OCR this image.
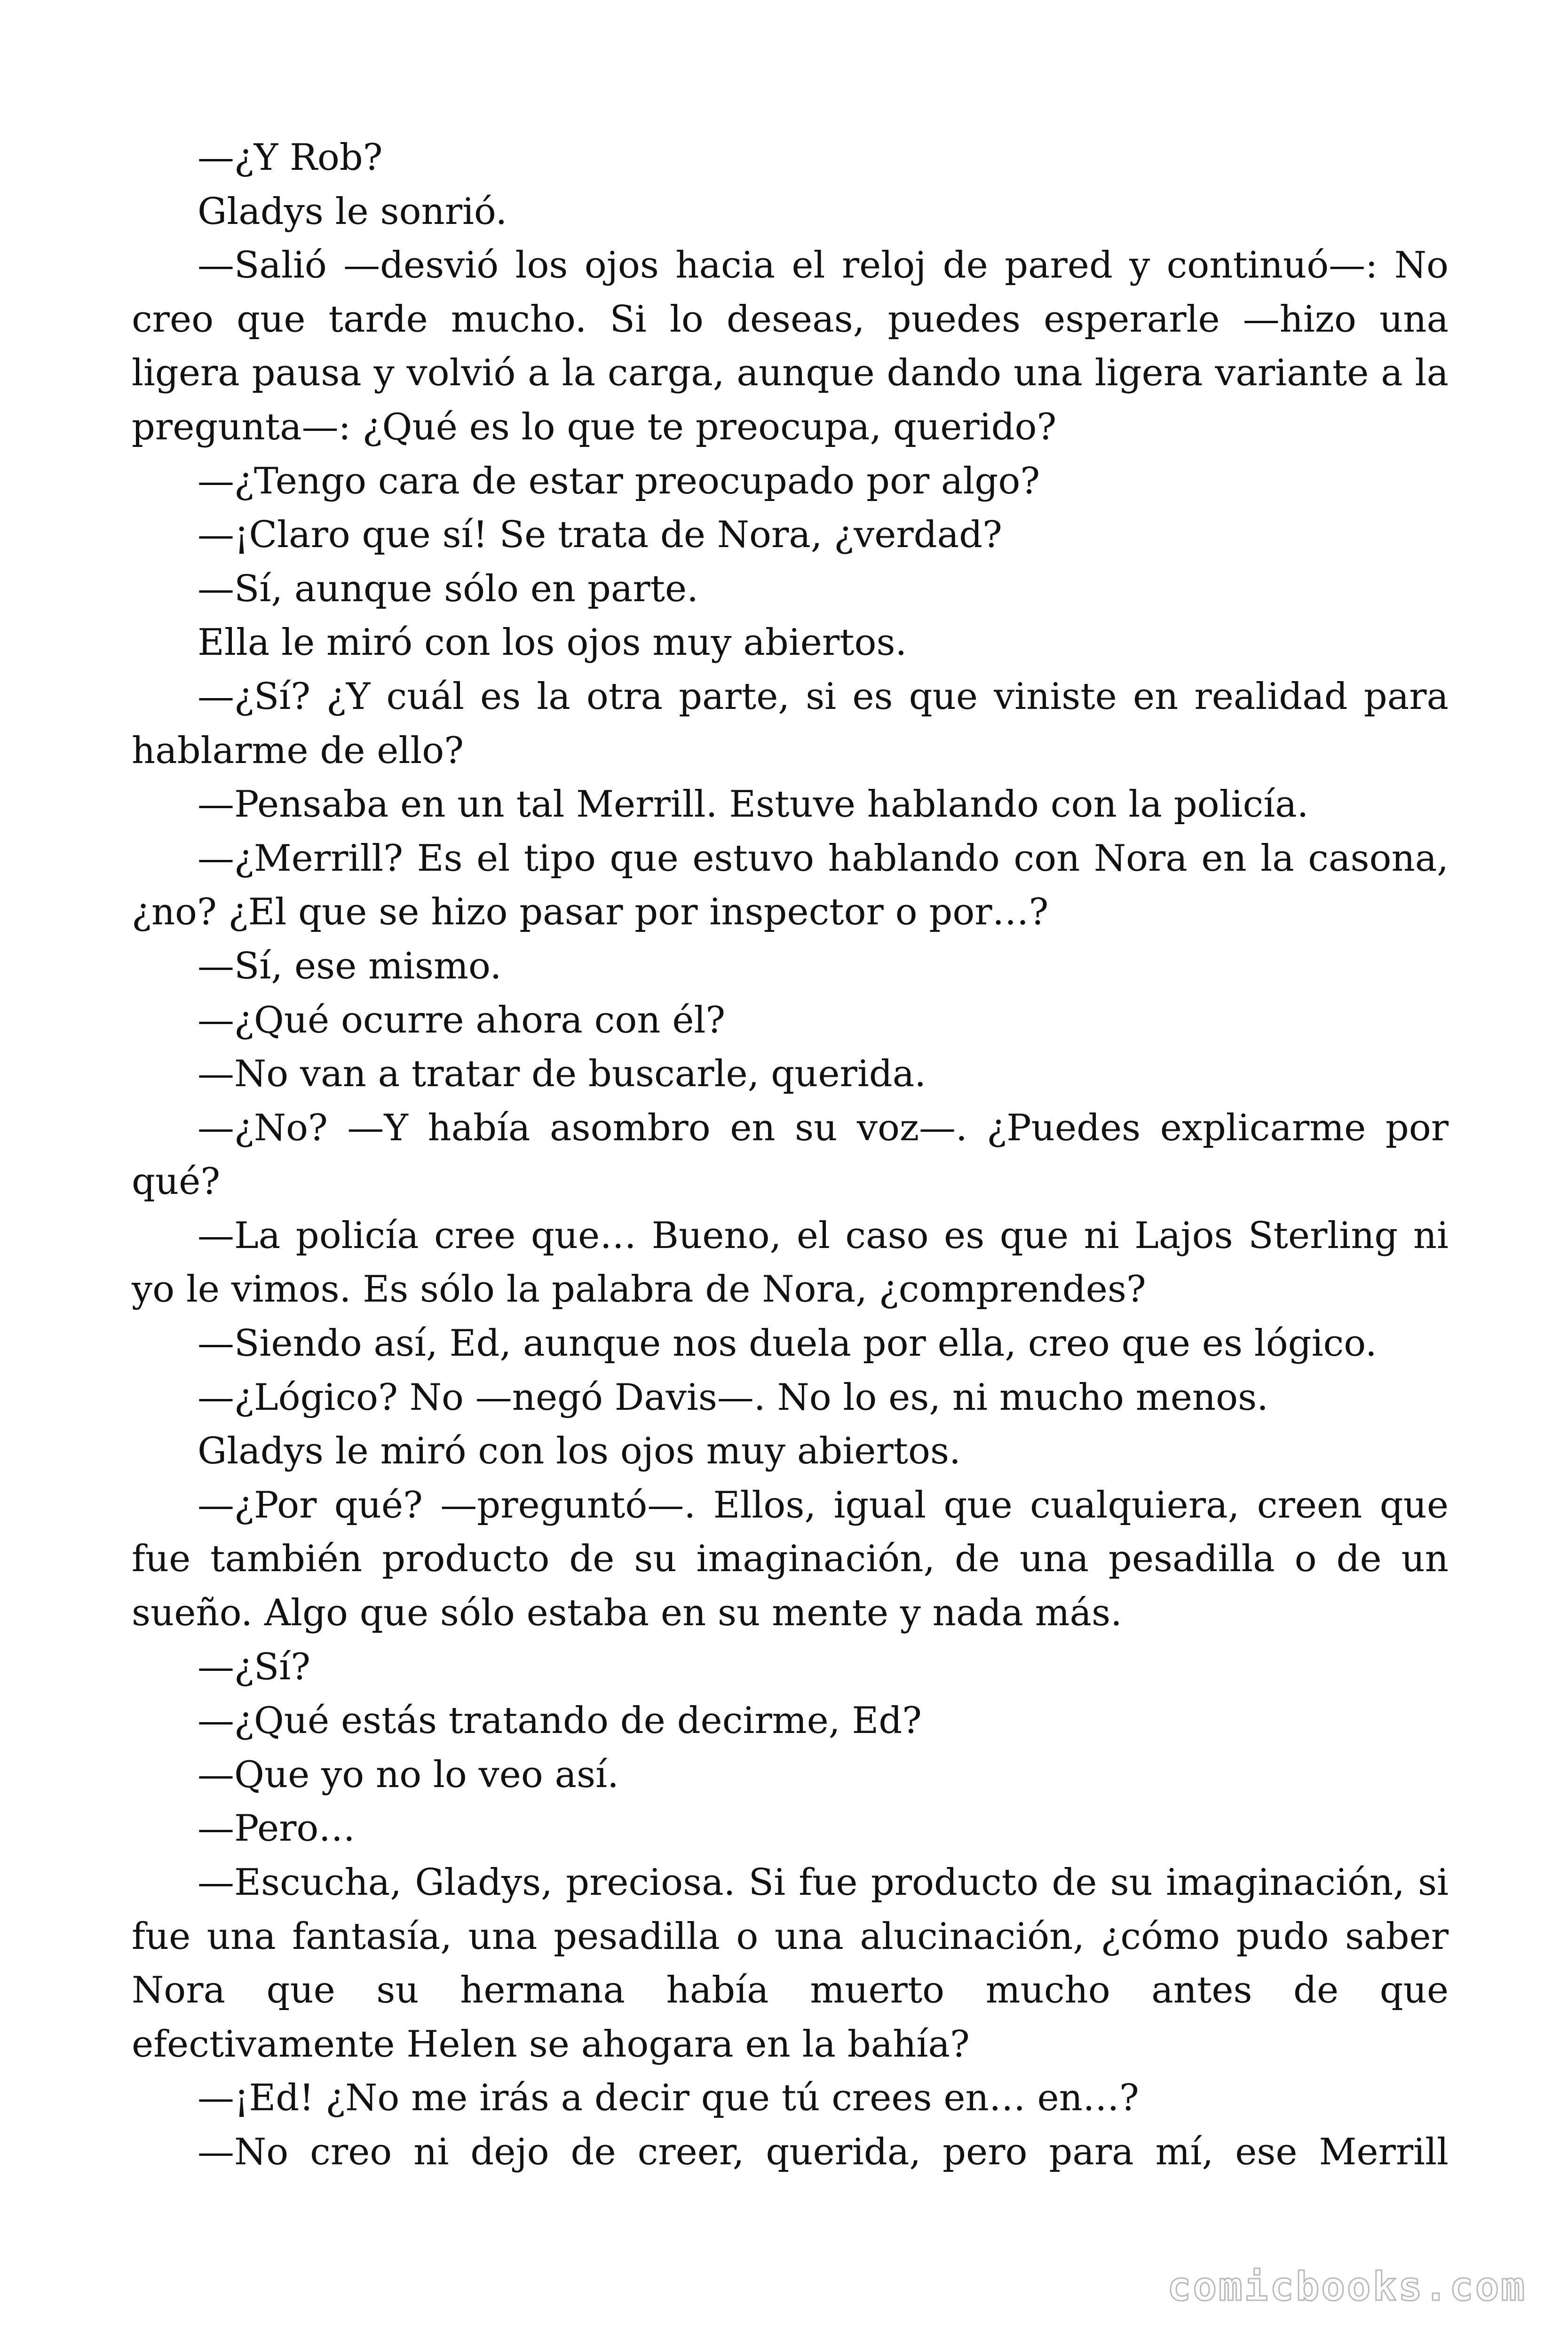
—¿Y Rob?

Gladys le sonrió.

—Salió —desvió los ojos hacia el reloj de pared y continuó—: No creo que tarde mucho. Si lo deseas, puedes esperarle —hizo una ligera pausa y volvió a la carga, aunque dando una ligera variante a la pregunta—: ¿Qué es lo que te preocupa, querido?

—¿Tengo cara de estar preocupado por algo?

—¡Claro que sí! Se trata de Nora, ¿verdad?

—Sí, aunque sólo en parte.

Ella le miró con los ojos muy abiertos.

—¿Sí? ¿Y cuál es la otra parte, si es que viniste en realidad para hablarme de ello?

—Pensaba en un tal Merrill. Estuve hablando con la policía.

—¿Merrill? Es el tipo que estuvo hablando con Nora en la casona, ¿no? ¿El que se hizo pasar por inspector o por…?

—Sí, ese mismo.

—¿Qué ocurre ahora con él?

—No van a tratar de buscarle, querida.

—¿No? —Y había asombro en su voz—. ¿Puedes explicarme por qué?

—La policía cree que… Bueno, el caso es que ni Lajos Sterling ni yo le vimos. Es sólo la palabra de Nora, ¿comprendes?

—Siendo así, Ed, aunque nos duela por ella, creo que es lógico.

—¿Lógico? No —negó Davis—. No lo es, ni mucho menos.

Gladys le miró con los ojos muy abiertos.

—¿Por qué? —preguntó—. Ellos, igual que cualquiera, creen que fue también producto de su imaginación, de una pesadilla o de un sueño. Algo que sólo estaba en su mente y nada más.

—¿Sí?

—¿Qué estás tratando de decirme, Ed?

—Que yo no lo veo así.

—Pero…

—Escucha, Gladys, preciosa. Si fue producto de su imaginación, si fue una fantasía, una pesadilla o una alucinación, ¿cómo pudo saber Nora que su hermana había muerto mucho antes de que efectivamente Helen se ahogara en la bahía?

—¡Ed! ¿No me irás a decir que tú crees en… en…?

—No creo ni dejo de creer, querida, pero para mí, ese Merrill

comicbooks.com
